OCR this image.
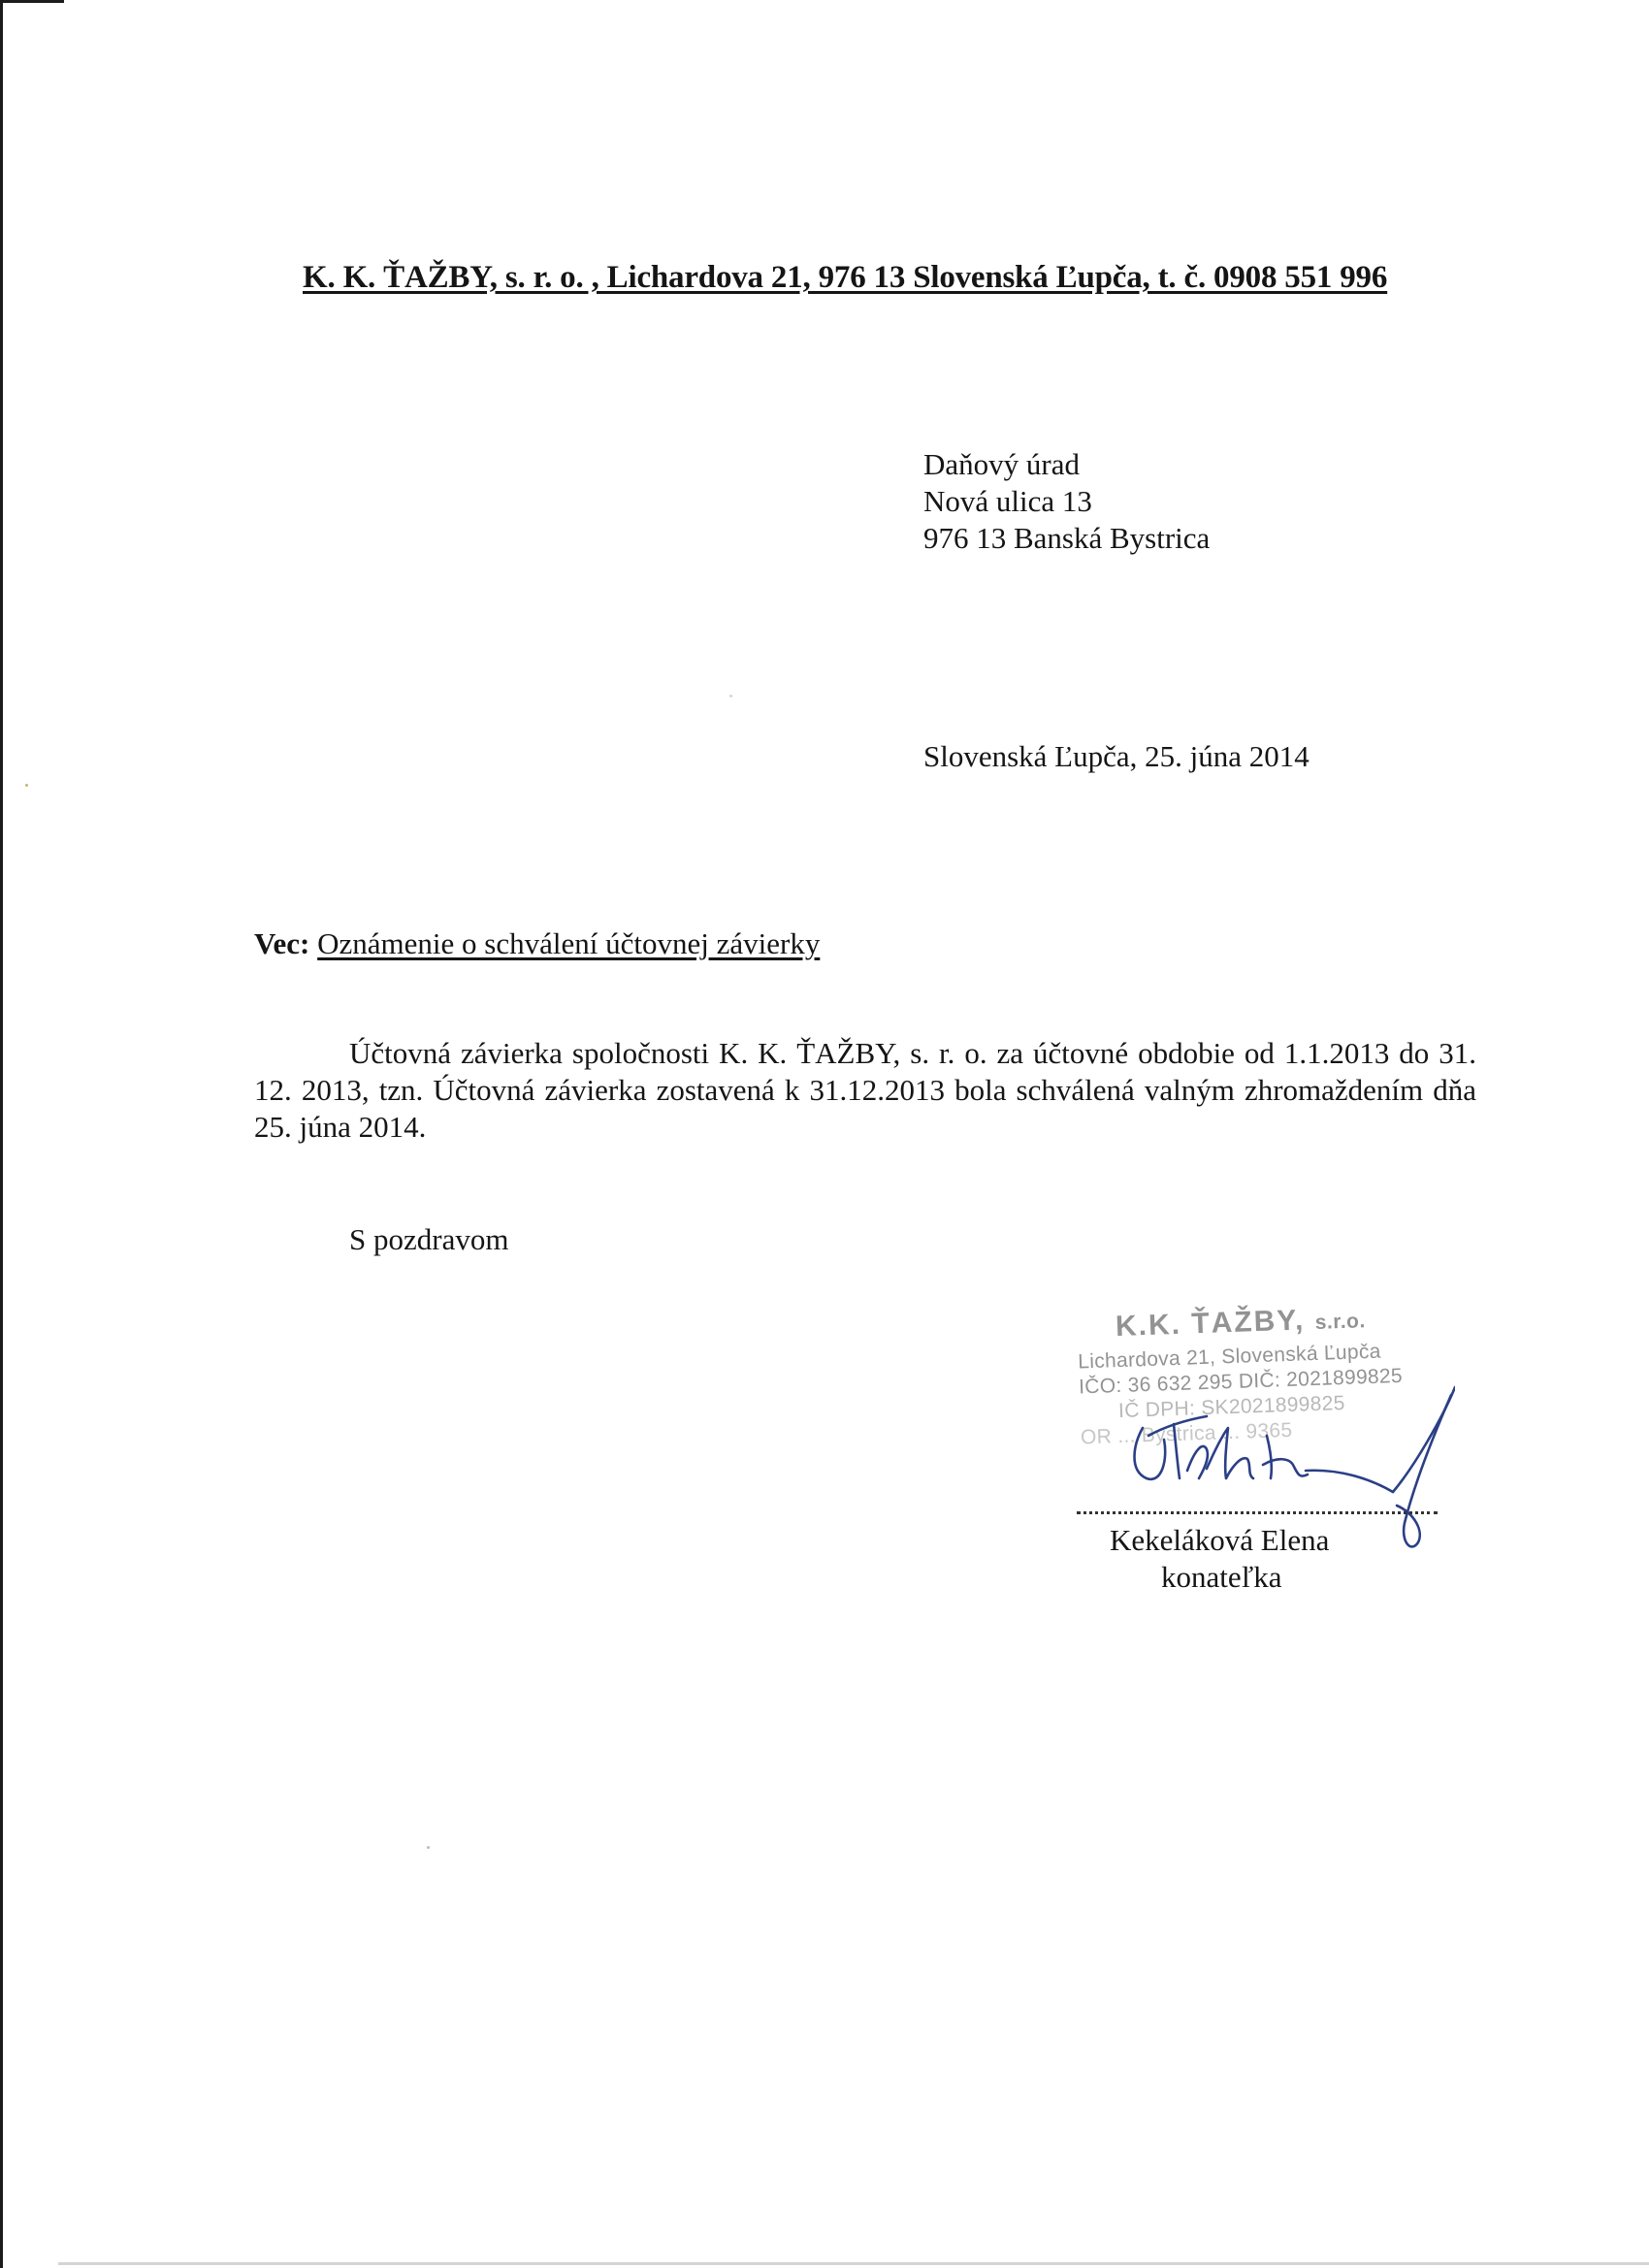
K. K. ŤAŽBY, s. r. o. , Lichardova 21, 976 13 Slovenská Ľupča, t. č. 0908 551 996
Daňový úrad
Nová ulica 13
976 13 Banská Bystrica
Slovenská Ľupča, 25. júna 2014
Vec: Oznámenie o schválení účtovnej závierky
Účtovná závierka spoločnosti K. K. ŤAŽBY, s. r. o. za účtovné obdobie od 1.1.2013 do 31. 12. 2013, tzn. Účtovná závierka zostavená k 31.12.2013 bola schválená valným zhromaždením dňa 25. júna 2014.
S pozdravom
K.K. ŤAŽBY, s.r.o.
Lichardova 21, Slovenská Ľupča
IČO: 36 632 295 DIČ: 2021899825
IČ DPH: SK2021899825
OR ... Bystrica ... 9365
Kekeláková Elena
konateľka
